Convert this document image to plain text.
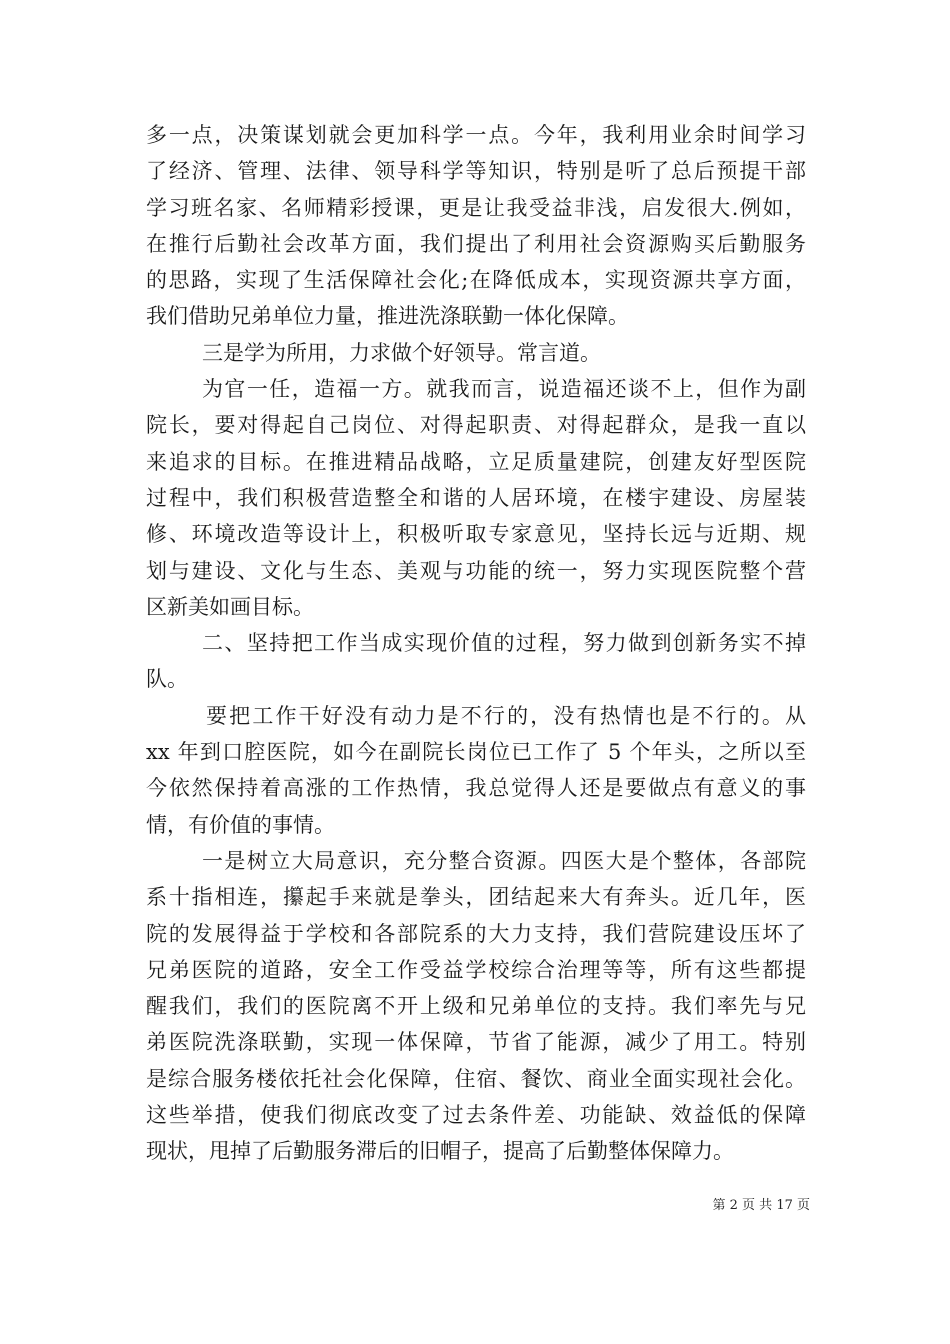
多一点，决策谋划就会更加科学一点。今年，我利用业余时间学习
了经济、管理、法律、领导科学等知识，特别是听了总后预提干部
学习班名家、名师精彩授课，更是让我受益非浅，启发很大.例如，
在推行后勤社会改革方面，我们提出了利用社会资源购买后勤服务
的思路，实现了生活保障社会化;在降低成本，实现资源共享方面，
我们借助兄弟单位力量，推进洗涤联勤一体化保障。
三是学为所用，力求做个好领导。常言道。
为官一任，造福一方。就我而言，说造福还谈不上，但作为副
院长，要对得起自己岗位、对得起职责、对得起群众，是我一直以
来追求的目标。在推进精品战略，立足质量建院，创建友好型医院
过程中，我们积极营造整全和谐的人居环境，在楼宇建设、房屋装
修、环境改造等设计上，积极听取专家意见，坚持长远与近期、规
划与建设、文化与生态、美观与功能的统一，努力实现医院整个营
区新美如画目标。
二、坚持把工作当成实现价值的过程，努力做到创新务实不掉
队。
要把工作干好没有动力是不行的，没有热情也是不行的。从
xx 年到口腔医院，如今在副院长岗位已工作了 5 个年头，之所以至
今依然保持着高涨的工作热情，我总觉得人还是要做点有意义的事
情，有价值的事情。
一是树立大局意识，充分整合资源。四医大是个整体，各部院
系十指相连，攥起手来就是拳头，团结起来大有奔头。近几年，医
院的发展得益于学校和各部院系的大力支持，我们营院建设压坏了
兄弟医院的道路，安全工作受益学校综合治理等等，所有这些都提
醒我们，我们的医院离不开上级和兄弟单位的支持。我们率先与兄
弟医院洗涤联勤，实现一体保障，节省了能源，减少了用工。特别
是综合服务楼依托社会化保障，住宿、餐饮、商业全面实现社会化。
这些举措，使我们彻底改变了过去条件差、功能缺、效益低的保障
现状，甩掉了后勤服务滞后的旧帽子，提高了后勤整体保障力。
第 2 页 共 17 页
